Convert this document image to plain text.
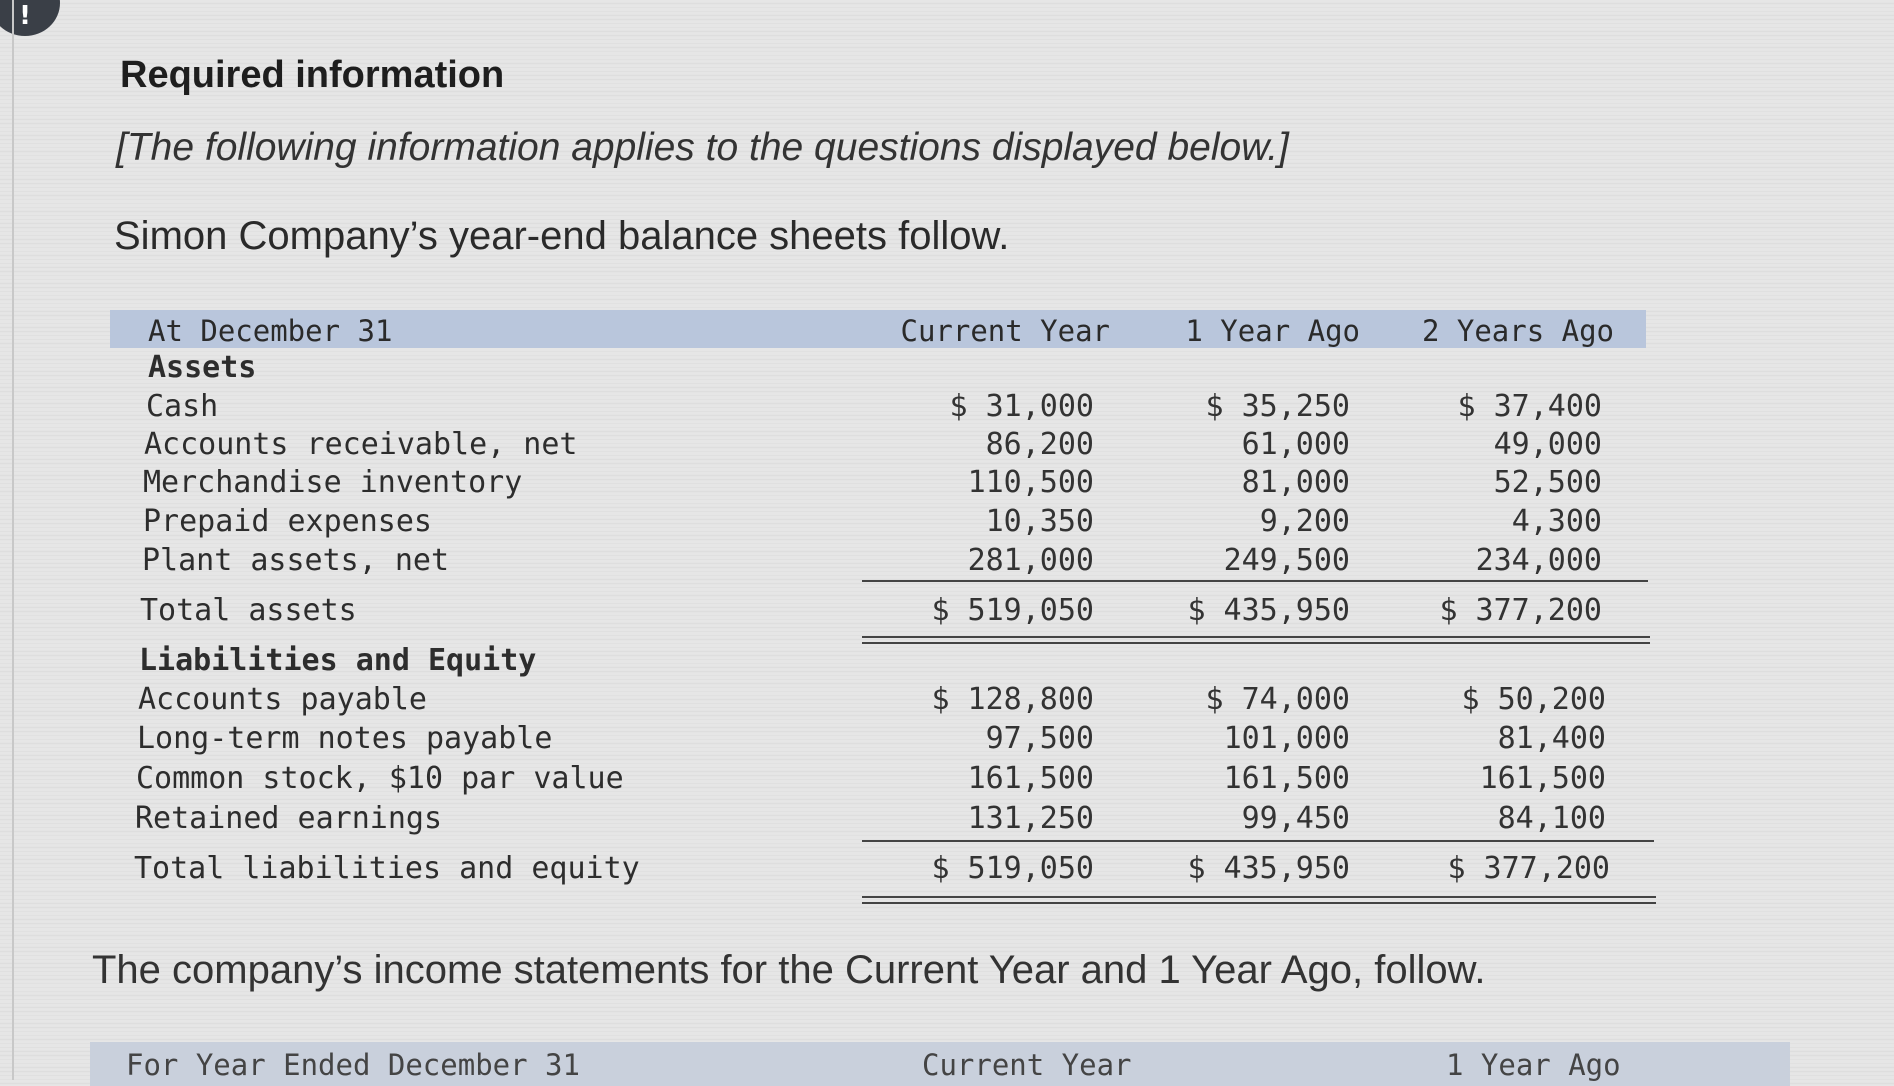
!
Required information
[The following information applies to the questions displayed below.]
Simon Company’s year-end balance sheets follow.
At December 31	Current Year	1 Year Ago	2 Years Ago
Assets
Cash	$ 31,000	$ 35,250	$ 37,400
Accounts receivable, net	86,200	61,000	49,000
Merchandise inventory	110,500	81,000	52,500
Prepaid expenses	10,350	9,200	4,300
Plant assets, net	281,000	249,500	234,000
Total assets	$ 519,050	$ 435,950	$ 377,200
Liabilities and Equity
Accounts payable	$ 128,800	$ 74,000	$ 50,200
Long-term notes payable	97,500	101,000	81,400
Common stock, $10 par value	161,500	161,500	161,500
Retained earnings	131,250	99,450	84,100
Total liabilities and equity	$ 519,050	$ 435,950	$ 377,200
The company’s income statements for the Current Year and 1 Year Ago, follow.
For Year Ended December 31	Current Year	1 Year Ago
